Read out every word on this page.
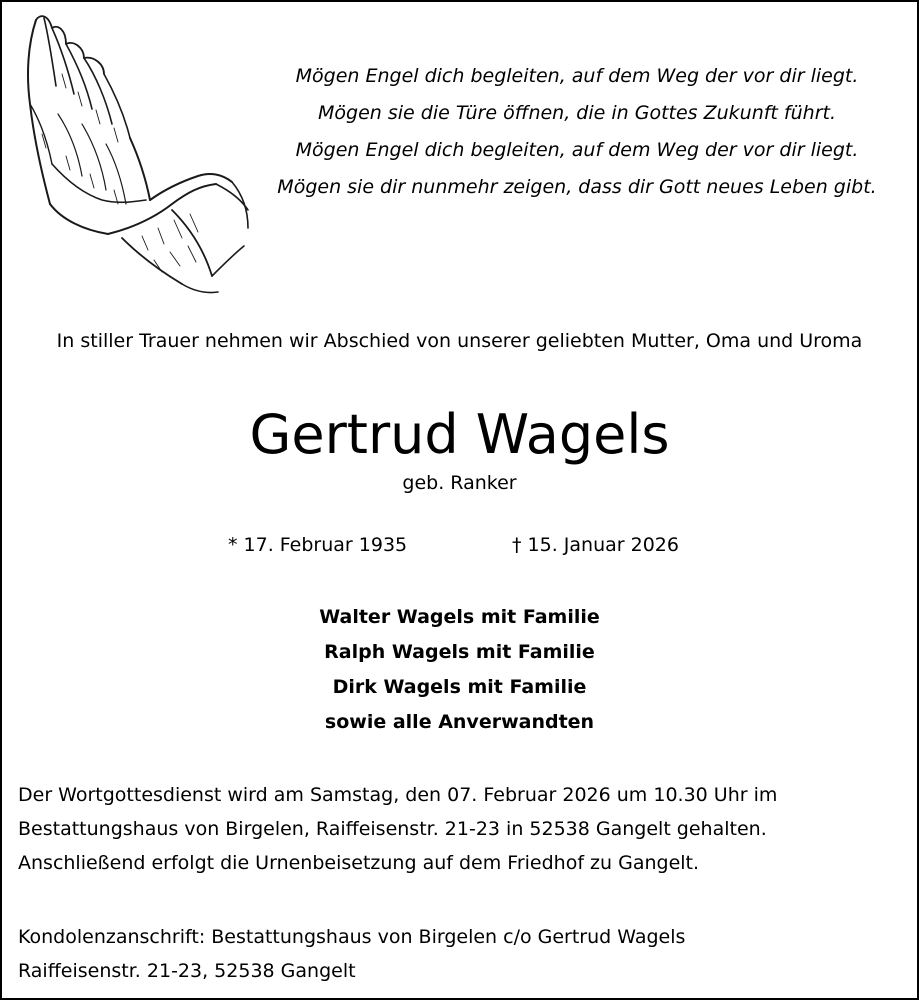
Mögen Engel dich begleiten, auf dem Weg der vor dir liegt.
Mögen sie die Türe öffnen, die in Gottes Zukunft führt.
Mögen Engel dich begleiten, auf dem Weg der vor dir liegt.
Mögen sie dir nunmehr zeigen, dass dir Gott neues Leben gibt.
In stiller Trauer nehmen wir Abschied von unserer geliebten Mutter, Oma und Uroma
Gertrud Wagels
geb. Ranker
* 17. Februar 1935	† 15. Januar 2026
Walter Wagels mit Familie
Ralph Wagels mit Familie
Dirk Wagels mit Familie
sowie alle Anverwandten
Der Wortgottesdienst wird am Samstag, den 07. Februar 2026 um 10.30 Uhr im
Bestattungshaus von Birgelen, Raiffeisenstr. 21-23 in 52538 Gangelt gehalten.
Anschließend erfolgt die Urnenbeisetzung auf dem Friedhof zu Gangelt.
Kondolenzanschrift: Bestattungshaus von Birgelen c/o Gertrud Wagels
Raiffeisenstr. 21-23, 52538 Gangelt
